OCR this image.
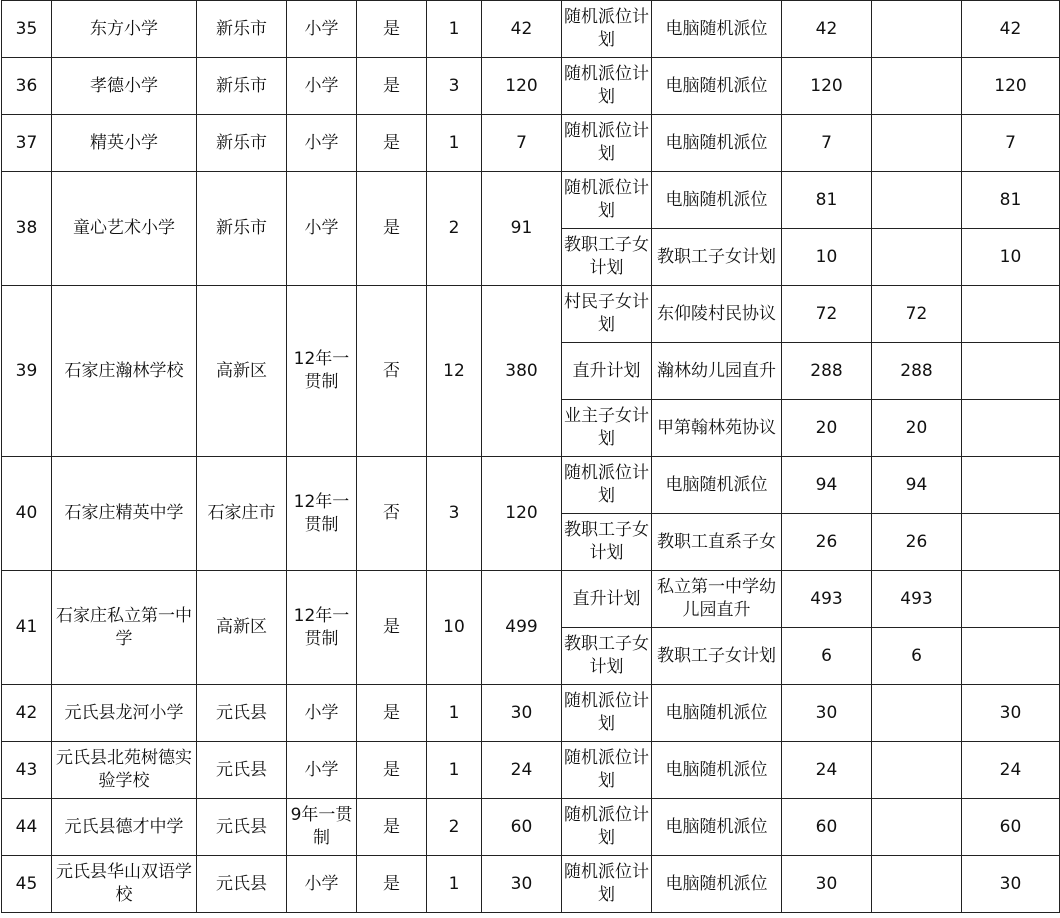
35	东方小学	新乐市	小学	是	1	42	随机派位计划	电脑随机派位	42		42
36	孝德小学	新乐市	小学	是	3	120	随机派位计划	电脑随机派位	120		120
37	精英小学	新乐市	小学	是	1	7	随机派位计划	电脑随机派位	7		7
38	童心艺术小学	新乐市	小学	是	2	91	随机派位计划	电脑随机派位	81		81
							教职工子女计划	教职工子女计划	10		10
39	石家庄瀚林学校	高新区	12年一贯制	否	12	380	村民子女计划	东仰陵村民协议	72	72	
							直升计划	瀚林幼儿园直升	288	288	
							业主子女计划	甲第翰林苑协议	20	20	
40	石家庄精英中学	石家庄市	12年一贯制	否	3	120	随机派位计划	电脑随机派位	94	94	
							教职工子女计划	教职工直系子女	26	26	
41	石家庄私立第一中学	高新区	12年一贯制	是	10	499	直升计划	私立第一中学幼儿园直升	493	493	
							教职工子女计划	教职工子女计划	6	6	
42	元氏县龙河小学	元氏县	小学	是	1	30	随机派位计划	电脑随机派位	30		30
43	元氏县北苑树德实验学校	元氏县	小学	是	1	24	随机派位计划	电脑随机派位	24		24
44	元氏县德才中学	元氏县	9年一贯制	是	2	60	随机派位计划	电脑随机派位	60		60
45	元氏县华山双语学校	元氏县	小学	是	1	30	随机派位计划	电脑随机派位	30		30
